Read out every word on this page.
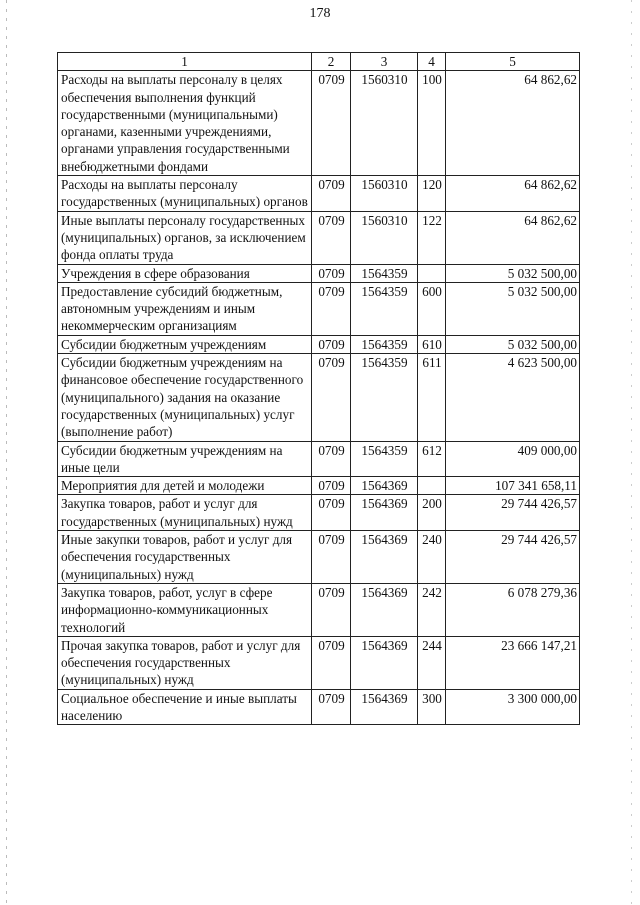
178
1	2	3	4	5
Расходы на выплаты персоналу в целях обеспечения выполнения функций государственными (муниципальными) органами, казенными учреждениями, органами управления государственными внебюджетными фондами	0709	1560310	100	64 862,62
Расходы на выплаты персоналу государственных (муниципальных) органов	0709	1560310	120	64 862,62
Иные выплаты персоналу государственных (муниципальных) органов, за исключением фонда оплаты труда	0709	1560310	122	64 862,62
Учреждения в сфере образования	0709	1564359		5 032 500,00
Предоставление субсидий бюджетным, автономным учреждениям и иным некоммерческим организациям	0709	1564359	600	5 032 500,00
Субсидии бюджетным учреждениям	0709	1564359	610	5 032 500,00
Субсидии бюджетным учреждениям на финансовое обеспечение государственного (муниципального) задания на оказание государственных (муниципальных) услуг (выполнение работ)	0709	1564359	611	4 623 500,00
Субсидии бюджетным учреждениям на иные цели	0709	1564359	612	409 000,00
Мероприятия для детей и молодежи	0709	1564369		107 341 658,11
Закупка товаров, работ и услуг для государственных (муниципальных) нужд	0709	1564369	200	29 744 426,57
Иные закупки товаров, работ и услуг для обеспечения государственных (муниципальных) нужд	0709	1564369	240	29 744 426,57
Закупка товаров, работ, услуг в сфере информационно-коммуникационных технологий	0709	1564369	242	6 078 279,36
Прочая закупка товаров, работ и услуг для обеспечения государственных (муниципальных) нужд	0709	1564369	244	23 666 147,21
Социальное обеспечение и иные выплаты населению	0709	1564369	300	3 300 000,00
